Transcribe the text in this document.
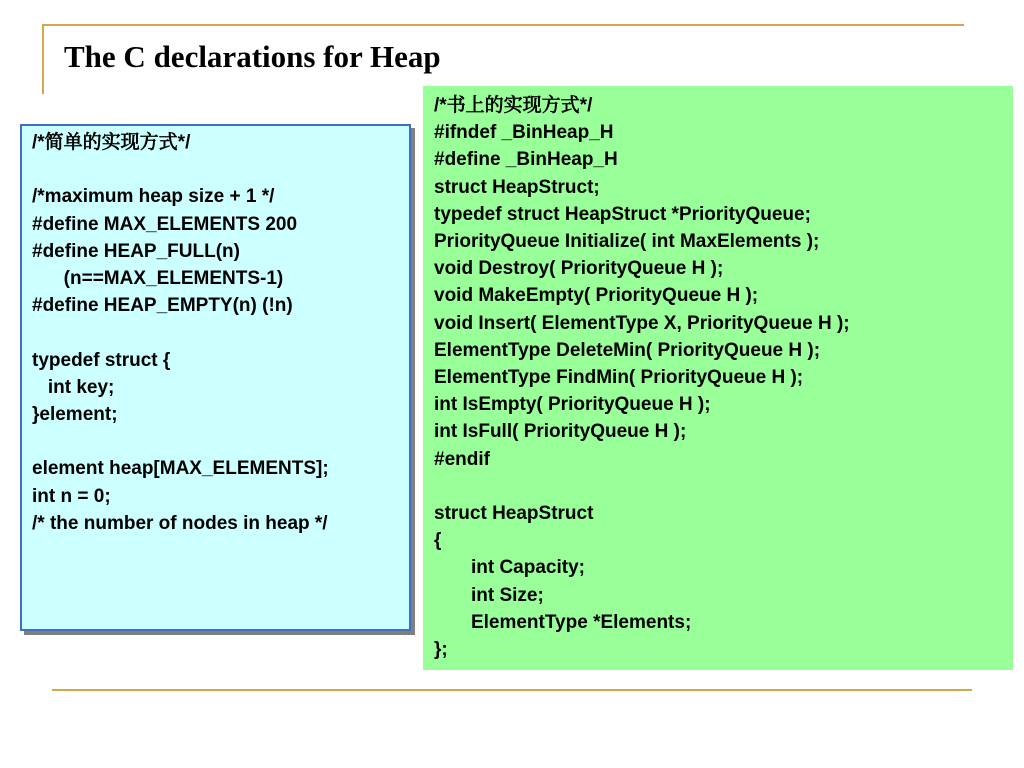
The C declarations for Heap
/*简单的实现方式*/

/*maximum heap size + 1 */
#define MAX_ELEMENTS 200
#define HEAP_FULL(n)
(n==MAX_ELEMENTS-1)
#define HEAP_EMPTY(n) (!n)

typedef struct {
int key;
}element;

element heap[MAX_ELEMENTS];
int n = 0;
/* the number of nodes in heap */
/*书上的实现方式*/
#ifndef _BinHeap_H
#define _BinHeap_H
struct HeapStruct;
typedef struct HeapStruct *PriorityQueue;
PriorityQueue Initialize( int MaxElements );
void Destroy( PriorityQueue H );
void MakeEmpty( PriorityQueue H );
void Insert( ElementType X, PriorityQueue H );
ElementType DeleteMin( PriorityQueue H );
ElementType FindMin( PriorityQueue H );
int IsEmpty( PriorityQueue H );
int IsFull( PriorityQueue H );
#endif

struct HeapStruct
{
int Capacity;
int Size;
ElementType *Elements;
};
